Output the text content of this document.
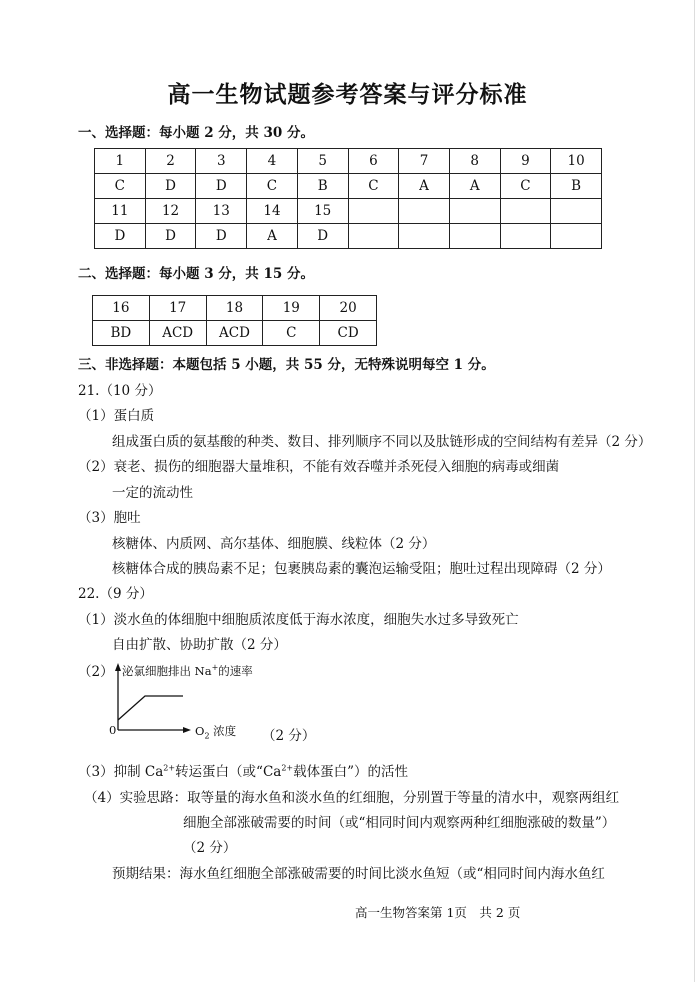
高一生物试题参考答案与评分标准
一、选择题：每小题 2 分，共 30 分。
1	2	3	4	5	6	7	8	9	10
C	D	D	C	B	C	A	A	C	B
11	12	13	14	15					
D	D	D	A	D					
二、选择题：每小题 3 分，共 15 分。
16	17	18	19	20
BD	ACD	ACD	C	CD
三、非选择题：本题包括 5 小题，共 55 分，无特殊说明每空 1 分。
21.（10 分）
（1）蛋白质
组成蛋白质的氨基酸的种类、数目、排列顺序不同以及肽链形成的空间结构有差异（2 分）
（2）衰老、损伤的细胞器大量堆积，不能有效吞噬并杀死侵入细胞的病毒或细菌
一定的流动性
（3）胞吐
核糖体、内质网、高尔基体、细胞膜、线粒体（2 分）
核糖体合成的胰岛素不足；包裹胰岛素的囊泡运输受阻；胞吐过程出现障碍（2 分）
22.（9 分）
（1）淡水鱼的体细胞中细胞质浓度低于海水浓度，细胞失水过多导致死亡
自由扩散、协助扩散（2 分）
（2） 泌氯细胞排出 Na+的速率
0	$O_2$ 浓度 （2 分）
（3）抑制 $Ca^{2+}$转运蛋白（或“$Ca^{2+}$载体蛋白”）的活性
（4）实验思路：取等量的海水鱼和淡水鱼的红细胞，分别置于等量的清水中，观察两组红
细胞全部涨破需要的时间（或“相同时间内观察两种红细胞涨破的数量”）
（2 分）
预期结果：海水鱼红细胞全部涨破需要的时间比淡水鱼短（或“相同时间内海水鱼红
高一生物答案第 1页　共 2 页
